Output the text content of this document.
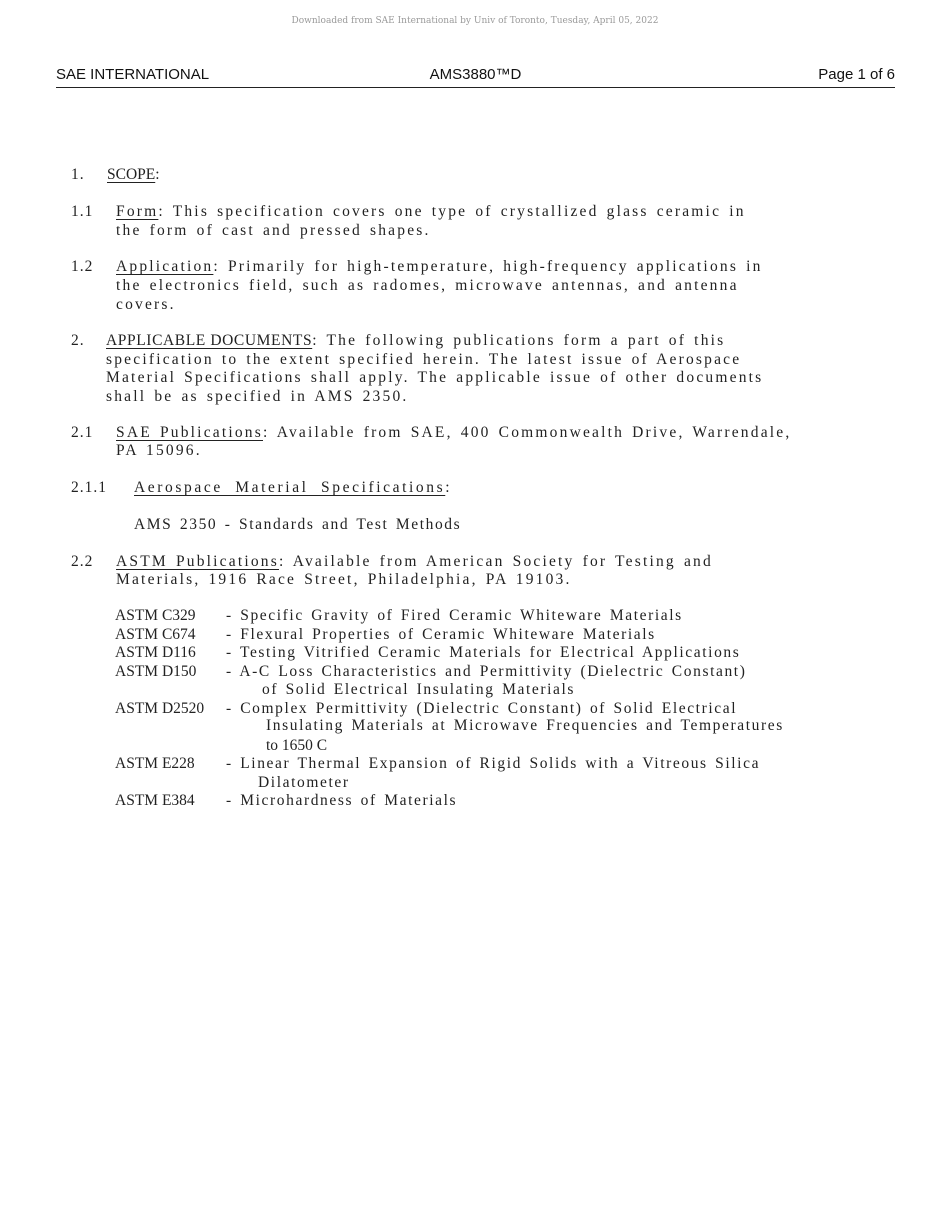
Downloaded from SAE International by Univ of Toronto, Tuesday, April 05, 2022
SAE INTERNATIONAL	AMS3880™D	Page 1 of 6
1. SCOPE:
1.1 Form: This specification covers one type of crystallized glass ceramic in
the form of cast and pressed shapes.
1.2 Application: Primarily for high-temperature, high-frequency applications in
the electronics field, such as radomes, microwave antennas, and antenna
covers.
2. APPLICABLE DOCUMENTS: The following publications form a part of this
specification to the extent specified herein. The latest issue of Aerospace
Material Specifications shall apply. The applicable issue of other documents
shall be as specified in AMS 2350.
2.1 SAE Publications: Available from SAE, 400 Commonwealth Drive, Warrendale,
PA 15096.
2.1.1 Aerospace Material Specifications:
AMS 2350 - Standards and Test Methods
2.2 ASTM Publications: Available from American Society for Testing and
Materials, 1916 Race Street, Philadelphia, PA 19103.
ASTM C329 - Specific Gravity of Fired Ceramic Whiteware Materials
ASTM C674 - Flexural Properties of Ceramic Whiteware Materials
ASTM D116 - Testing Vitrified Ceramic Materials for Electrical Applications
ASTM D150 - A-C Loss Characteristics and Permittivity (Dielectric Constant)
of Solid Electrical Insulating Materials
ASTM D2520 - Complex Permittivity (Dielectric Constant) of Solid Electrical
Insulating Materials at Microwave Frequencies and Temperatures
to 1650 C
ASTM E228 - Linear Thermal Expansion of Rigid Solids with a Vitreous Silica
Dilatometer
ASTM E384 - Microhardness of Materials
